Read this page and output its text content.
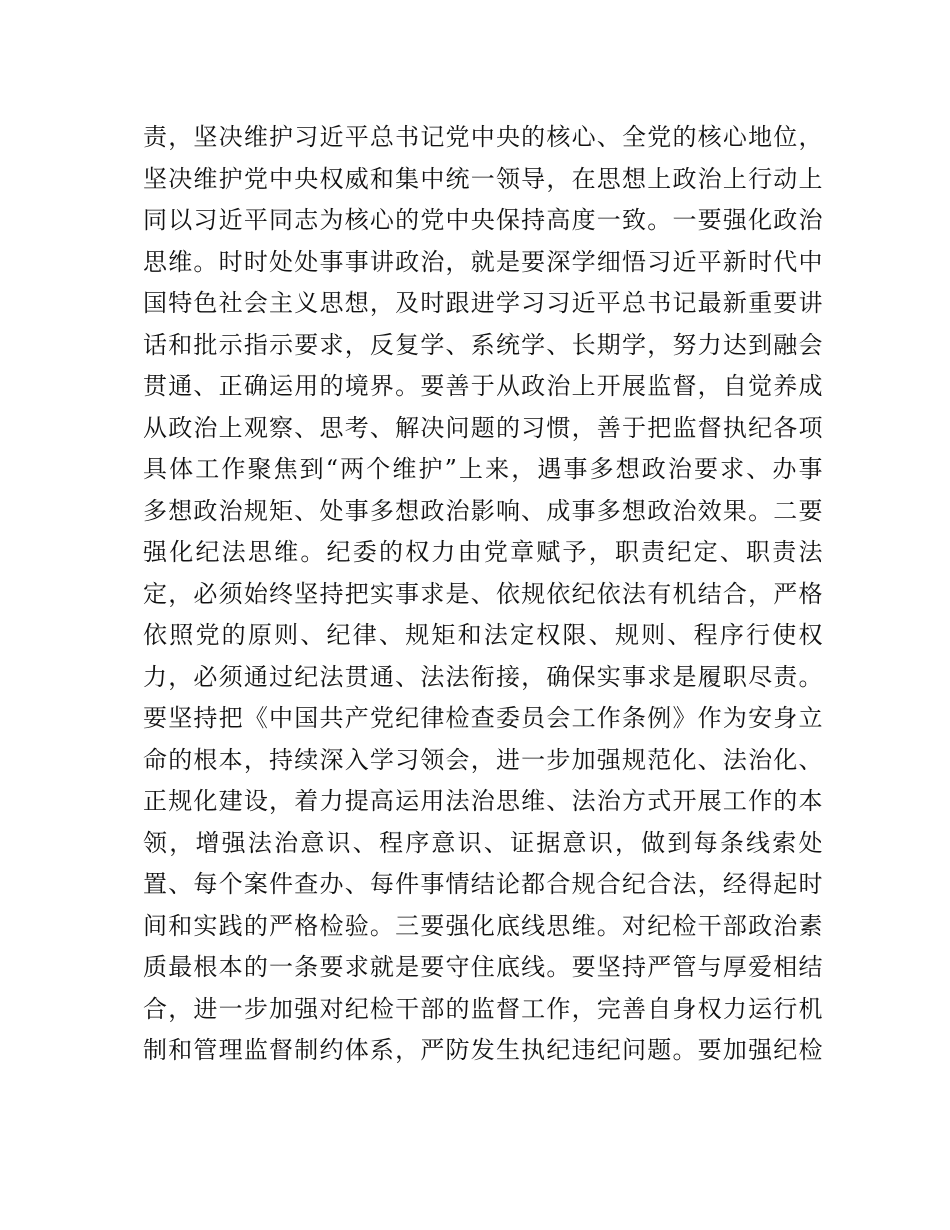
责，坚决维护习近平总书记党中央的核心、全党的核心地位，
坚决维护党中央权威和集中统一领导，在思想上政治上行动上
同以习近平同志为核心的党中央保持高度一致。一要强化政治
思维。时时处处事事讲政治，就是要深学细悟习近平新时代中
国特色社会主义思想，及时跟进学习习近平总书记最新重要讲
话和批示指示要求，反复学、系统学、长期学，努力达到融会
贯通、正确运用的境界。要善于从政治上开展监督，自觉养成
从政治上观察、思考、解决问题的习惯，善于把监督执纪各项
具体工作聚焦到“两个维护”上来，遇事多想政治要求、办事
多想政治规矩、处事多想政治影响、成事多想政治效果。二要
强化纪法思维。纪委的权力由党章赋予，职责纪定、职责法
定，必须始终坚持把实事求是、依规依纪依法有机结合，严格
依照党的原则、纪律、规矩和法定权限、规则、程序行使权
力，必须通过纪法贯通、法法衔接，确保实事求是履职尽责。
要坚持把《中国共产党纪律检查委员会工作条例》作为安身立
命的根本，持续深入学习领会，进一步加强规范化、法治化、
正规化建设，着力提高运用法治思维、法治方式开展工作的本
领，增强法治意识、程序意识、证据意识，做到每条线索处
置、每个案件查办、每件事情结论都合规合纪合法，经得起时
间和实践的严格检验。三要强化底线思维。对纪检干部政治素
质最根本的一条要求就是要守住底线。要坚持严管与厚爱相结
合，进一步加强对纪检干部的监督工作，完善自身权力运行机
制和管理监督制约体系，严防发生执纪违纪问题。要加强纪检
